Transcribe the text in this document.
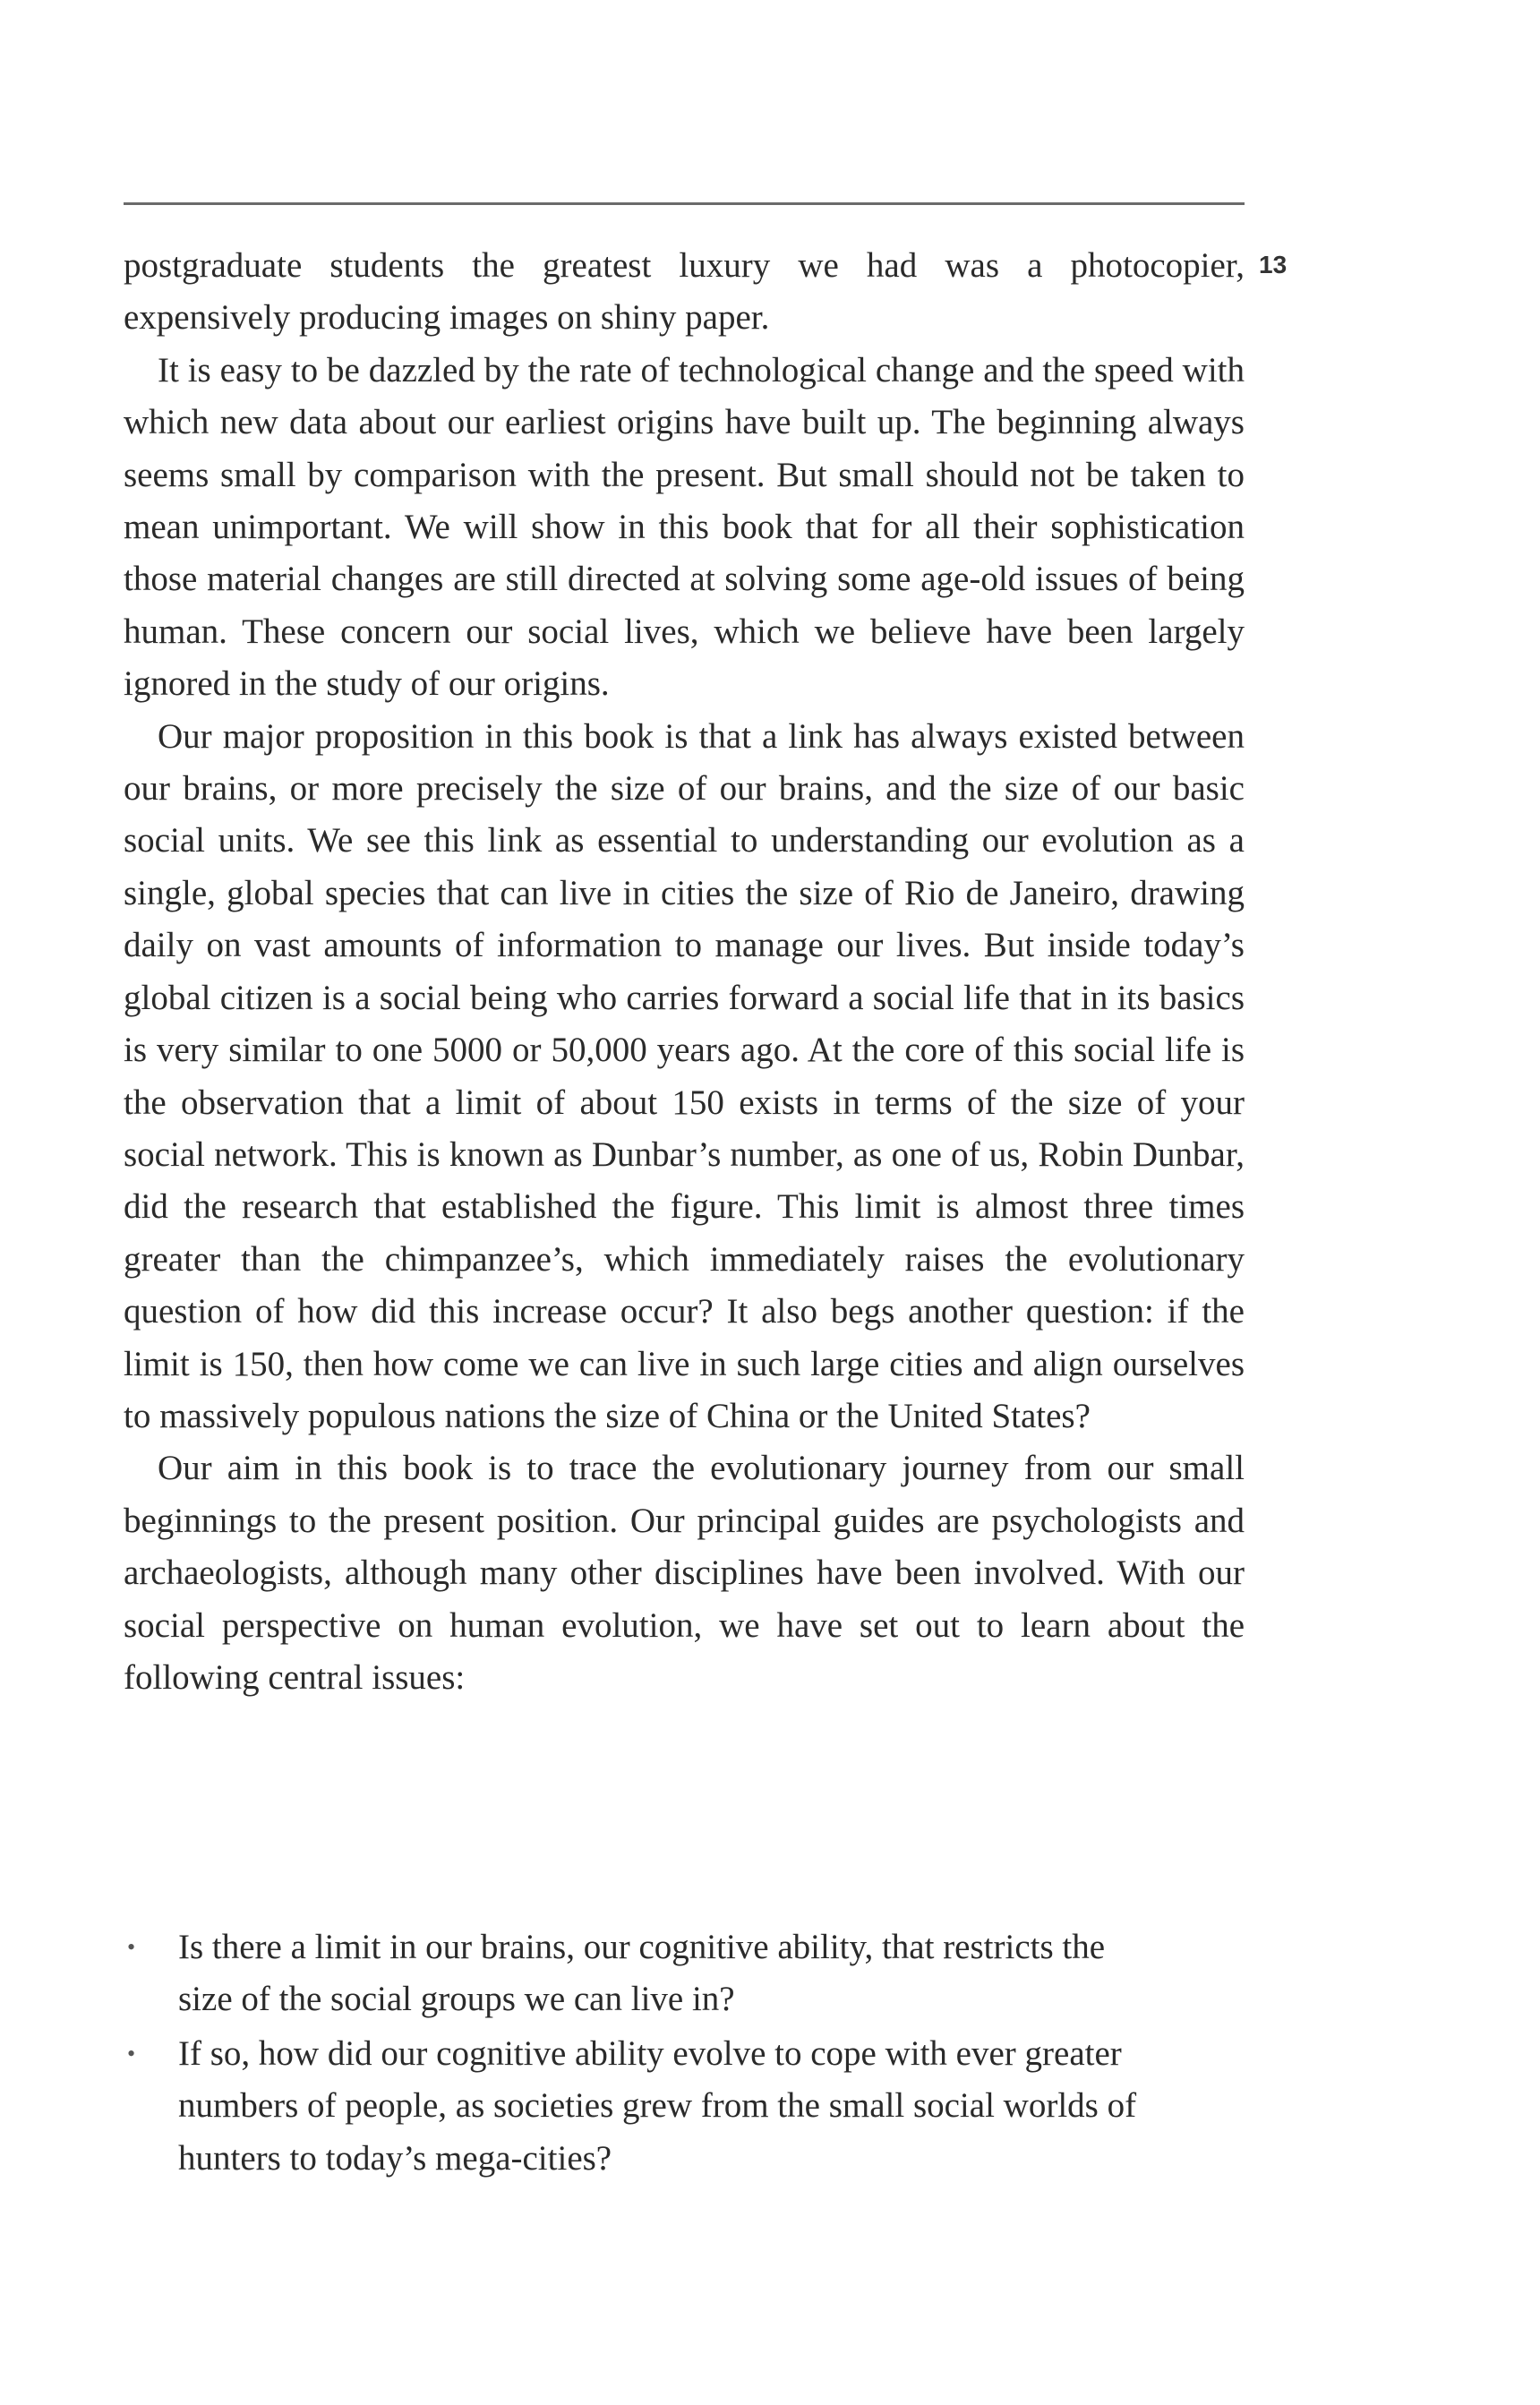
13

postgraduate students the greatest luxury we had was a photocopier, expensively producing images on shiny paper.

It is easy to be dazzled by the rate of technological change and the speed with which new data about our earliest origins have built up. The beginning always seems small by comparison with the present. But small should not be taken to mean unimportant. We will show in this book that for all their sophistication those material changes are still directed at solving some age-old issues of being human. These concern our social lives, which we believe have been largely ignored in the study of our origins.

Our major proposition in this book is that a link has always existed between our brains, or more precisely the size of our brains, and the size of our basic social units. We see this link as essential to understanding our evolution as a single, global species that can live in cities the size of Rio de Janeiro, drawing daily on vast amounts of information to manage our lives. But inside today’s global citizen is a social being who carries forward a social life that in its basics is very similar to one 5000 or 50,000 years ago. At the core of this social life is the observation that a limit of about 150 exists in terms of the size of your social network. This is known as Dunbar’s number, as one of us, Robin Dunbar, did the research that established the figure. This limit is almost three times greater than the chimpanzee’s, which immediately raises the evolutionary question of how did this increase occur? It also begs another question: if the limit is 150, then how come we can live in such large cities and align ourselves to massively populous nations the size of China or the United States?

Our aim in this book is to trace the evolutionary journey from our small beginnings to the present position. Our principal guides are psychologists and archaeologists, although many other disciplines have been involved. With our social perspective on human evolution, we have set out to learn about the following central issues:

• Is there a limit in our brains, our cognitive ability, that restricts the size of the social groups we can live in?
• If so, how did our cognitive ability evolve to cope with ever greater numbers of people, as societies grew from the small social worlds of hunters to today’s mega-cities?
